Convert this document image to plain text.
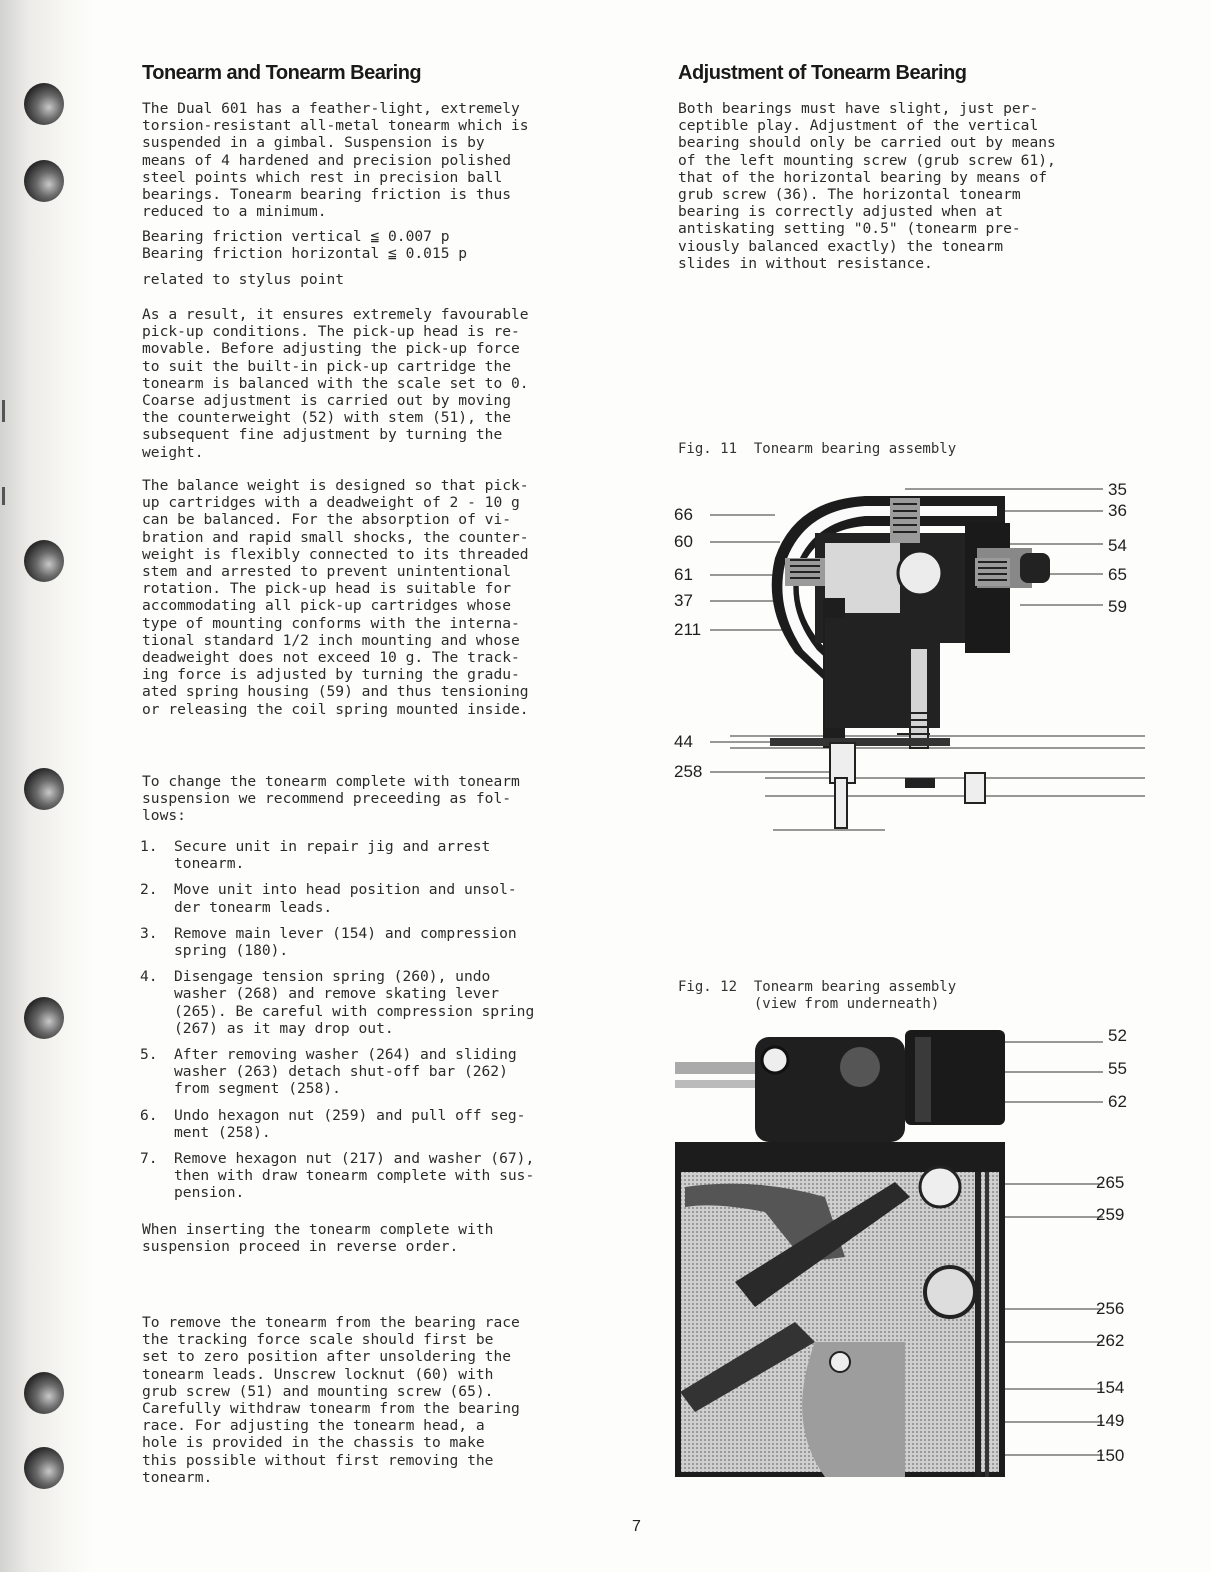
Tonearm and Tonearm Bearing

The Dual 601 has a feather-light, extremely
torsion-resistant all-metal tonearm which is
suspended in a gimbal. Suspension is by
means of 4 hardened and precision polished
steel points which rest in precision ball
bearings. Tonearm bearing friction is thus
reduced to a minimum.

Bearing friction vertical ≦ 0.007 p

Bearing friction horizontal ≦ 0.015 p

related to stylus point

As a result, it ensures extremely favourable
pick-up conditions. The pick-up head is re-
movable. Before adjusting the pick-up force
to suit the built-in pick-up cartridge the
tonearm is balanced with the scale set to 0.
Coarse adjustment is carried out by moving
the counterweight (52) with stem (51), the
subsequent fine adjustment by turning the
weight.

The balance weight is designed so that pick-
up cartridges with a deadweight of 2 - 10 g
can be balanced. For the absorption of vi-
bration and rapid small shocks, the counter-
weight is flexibly connected to its threaded
stem and arrested to prevent unintentional
rotation. The pick-up head is suitable for
accommodating all pick-up cartridges whose
type of mounting conforms with the interna-
tional standard 1/2 inch mounting and whose
deadweight does not exceed 10 g. The track-
ing force is adjusted by turning the gradu-
ated spring housing (59) and thus tensioning
or releasing the coil spring mounted inside.

To change the tonearm complete with tonearm
suspension we recommend preceeding as fol-
lows:

1. Secure unit in repair jig and arrest
tonearm.
2. Move unit into head position and unsol-
der tonearm leads.
3. Remove main lever (154) and compression
spring (180).
4. Disengage tension spring (260), undo
washer (268) and remove skating lever
(265). Be careful with compression spring
(267) as it may drop out.
5. After removing washer (264) and sliding
washer (263) detach shut-off bar (262)
from segment (258).
6. Undo hexagon nut (259) and pull off seg-
ment (258).
7. Remove hexagon nut (217) and washer (67),
then with draw tonearm complete with sus-
pension.

When inserting the tonearm complete with
suspension proceed in reverse order.

To remove the tonearm from the bearing race
the tracking force scale should first be
set to zero position after unsoldering the
tonearm leads. Unscrew locknut (60) with
grub screw (51) and mounting screw (65).
Carefully withdraw tonearm from the bearing
race. For adjusting the tonearm head, a
hole is provided in the chassis to make
this possible without first removing the
tonearm.

Adjustment of Tonearm Bearing

Both bearings must have slight, just per-
ceptible play. Adjustment of the vertical
bearing should only be carried out by means
of the left mounting screw (grub screw 61),
that of the horizontal bearing by means of
grub screw (36). The horizontal tonearm
bearing is correctly adjusted when at
antiskating setting "0.5" (tonearm pre-
viously balanced exactly) the tonearm
slides in without resistance.

Fig. 11  Tonearm bearing assembly

66
60
61
37
211
44
258
35
36
54
65
59

Fig. 12  Tonearm bearing assembly
(view from underneath)

52
55
62
265
259
256
262
154
149
150
7
